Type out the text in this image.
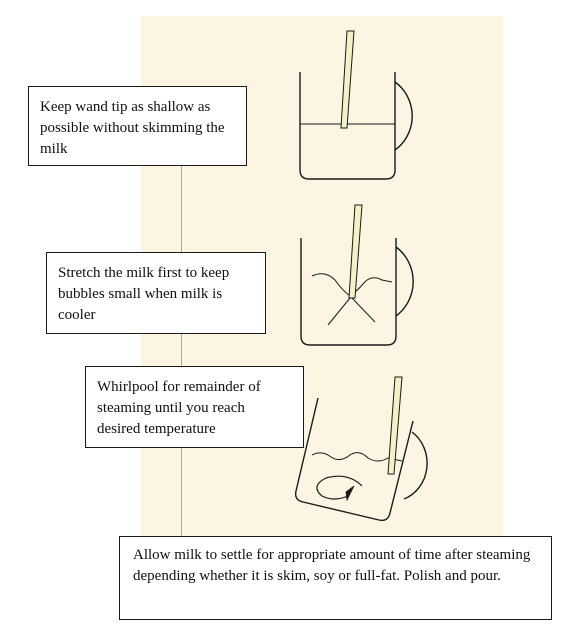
Keep wand tip as shallow as possible without skimming the milk
Stretch the milk first to keep bubbles small when milk is cooler
Whirlpool for remainder of steaming until you reach desired temperature
Allow milk to settle for appropriate amount of time after steaming depending whether it is skim, soy or full-fat. Polish and pour.
